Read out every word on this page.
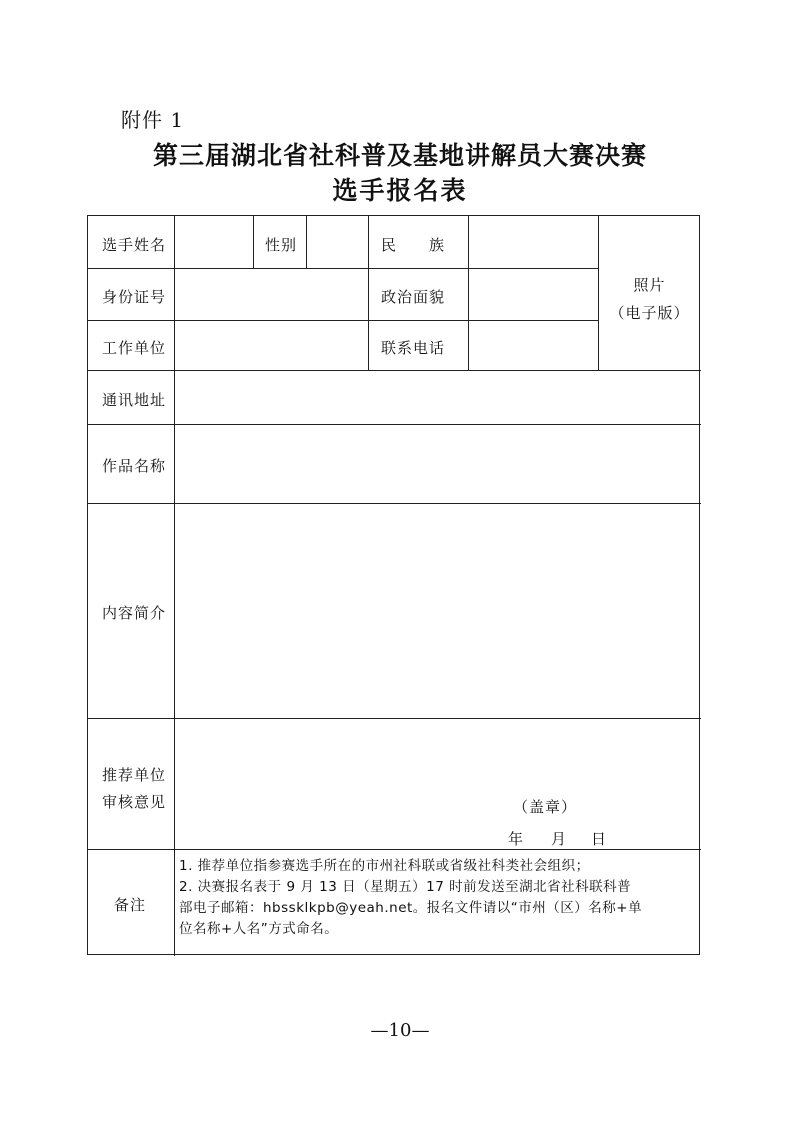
附件 1
第三届湖北省社科普及基地讲解员大赛决赛
选手报名表
选手姓名	性别	民　　族
照片
（电子版）
身份证号	政治面貌
工作单位	联系电话
通讯地址
作品名称
内容简介
推荐单位
审核意见	（盖章）
年 月 日
备注
1. 推荐单位指参赛选手所在的市州社科联或省级社科类社会组织；
2. 决赛报名表于 9 月 13 日（星期五）17 时前发送至湖北省社科联科普
部电子邮箱：hbssklkpb@yeah.net。报名文件请以“市州（区）名称+单
位名称+人名”方式命名。
—10—
